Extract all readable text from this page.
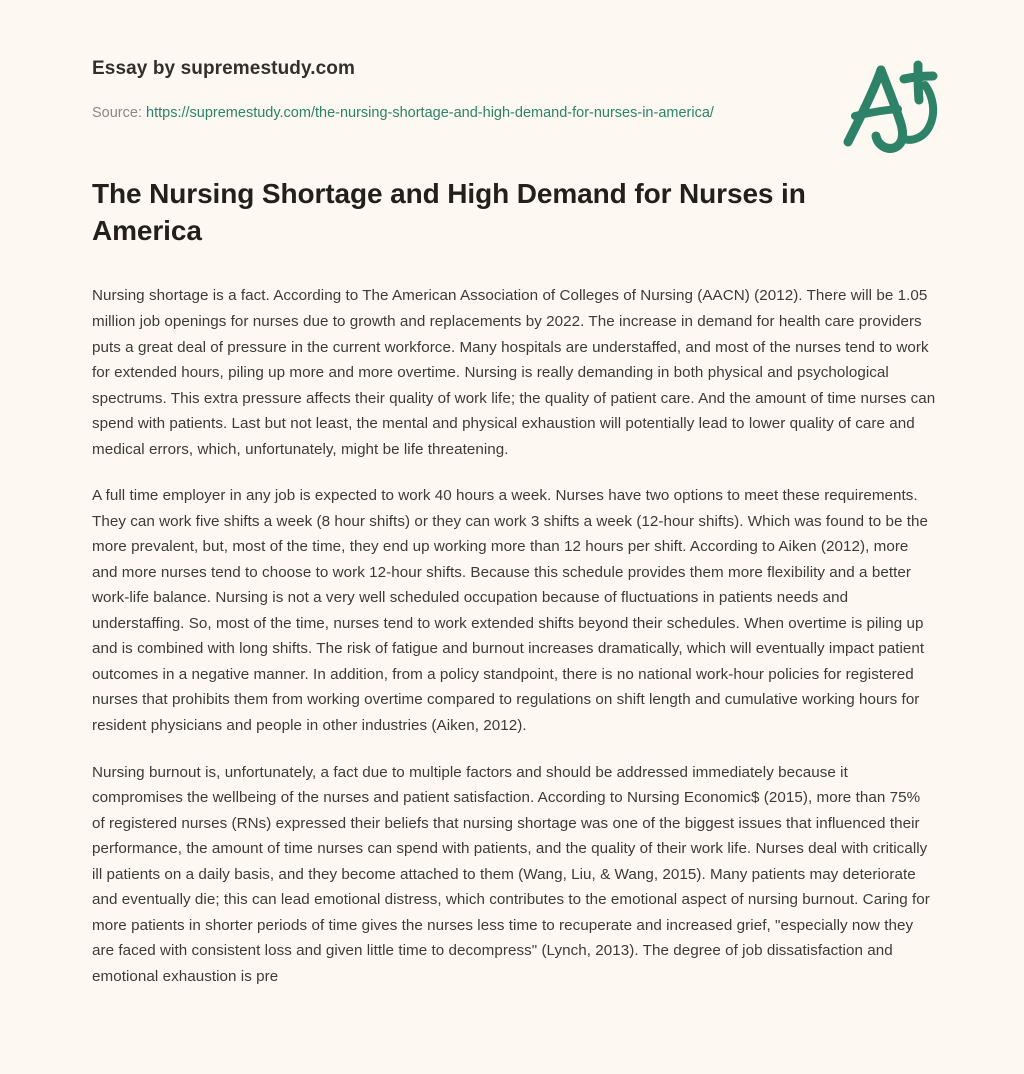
Essay by supremestudy.com
Source: https://supremestudy.com/the-nursing-shortage-and-high-demand-for-nurses-in-america/
The Nursing Shortage and High Demand for Nurses in America

Nursing shortage is a fact. According to The American Association of Colleges of Nursing (AACN) (2012). There will be 1.05 million job openings for nurses due to growth and replacements by 2022. The increase in demand for health care providers puts a great deal of pressure in the current workforce. Many hospitals are understaffed, and most of the nurses tend to work for extended hours, piling up more and more overtime. Nursing is really demanding in both physical and psychological spectrums. This extra pressure affects their quality of work life; the quality of patient care. And the amount of time nurses can spend with patients. Last but not least, the mental and physical exhaustion will potentially lead to lower quality of care and medical errors, which, unfortunately, might be life threatening.

A full time employer in any job is expected to work 40 hours a week. Nurses have two options to meet these requirements. They can work five shifts a week (8 hour shifts) or they can work 3 shifts a week (12-hour shifts). Which was found to be the more prevalent, but, most of the time, they end up working more than 12 hours per shift. According to Aiken (2012), more and more nurses tend to choose to work 12-hour shifts. Because this schedule provides them more flexibility and a better work-life balance. Nursing is not a very well scheduled occupation because of fluctuations in patients needs and understaffing. So, most of the time, nurses tend to work extended shifts beyond their schedules. When overtime is piling up and is combined with long shifts. The risk of fatigue and burnout increases dramatically, which will eventually impact patient outcomes in a negative manner. In addition, from a policy standpoint, there is no national work-hour policies for registered nurses that prohibits them from working overtime compared to regulations on shift length and cumulative working hours for resident physicians and people in other industries (Aiken, 2012).

Nursing burnout is, unfortunately, a fact due to multiple factors and should be addressed immediately because it compromises the wellbeing of the nurses and patient satisfaction. According to Nursing Economic$ (2015), more than 75% of registered nurses (RNs) expressed their beliefs that nursing shortage was one of the biggest issues that influenced their performance, the amount of time nurses can spend with patients, and the quality of their work life. Nurses deal with critically ill patients on a daily basis, and they become attached to them (Wang, Liu, & Wang, 2015). Many patients may deteriorate and eventually die; this can lead emotional distress, which contributes to the emotional aspect of nursing burnout. Caring for more patients in shorter periods of time gives the nurses less time to recuperate and increased grief, "especially now they are faced with consistent loss and given little time to decompress" (Lynch, 2013). The degree of job dissatisfaction and emotional exhaustion is pre
